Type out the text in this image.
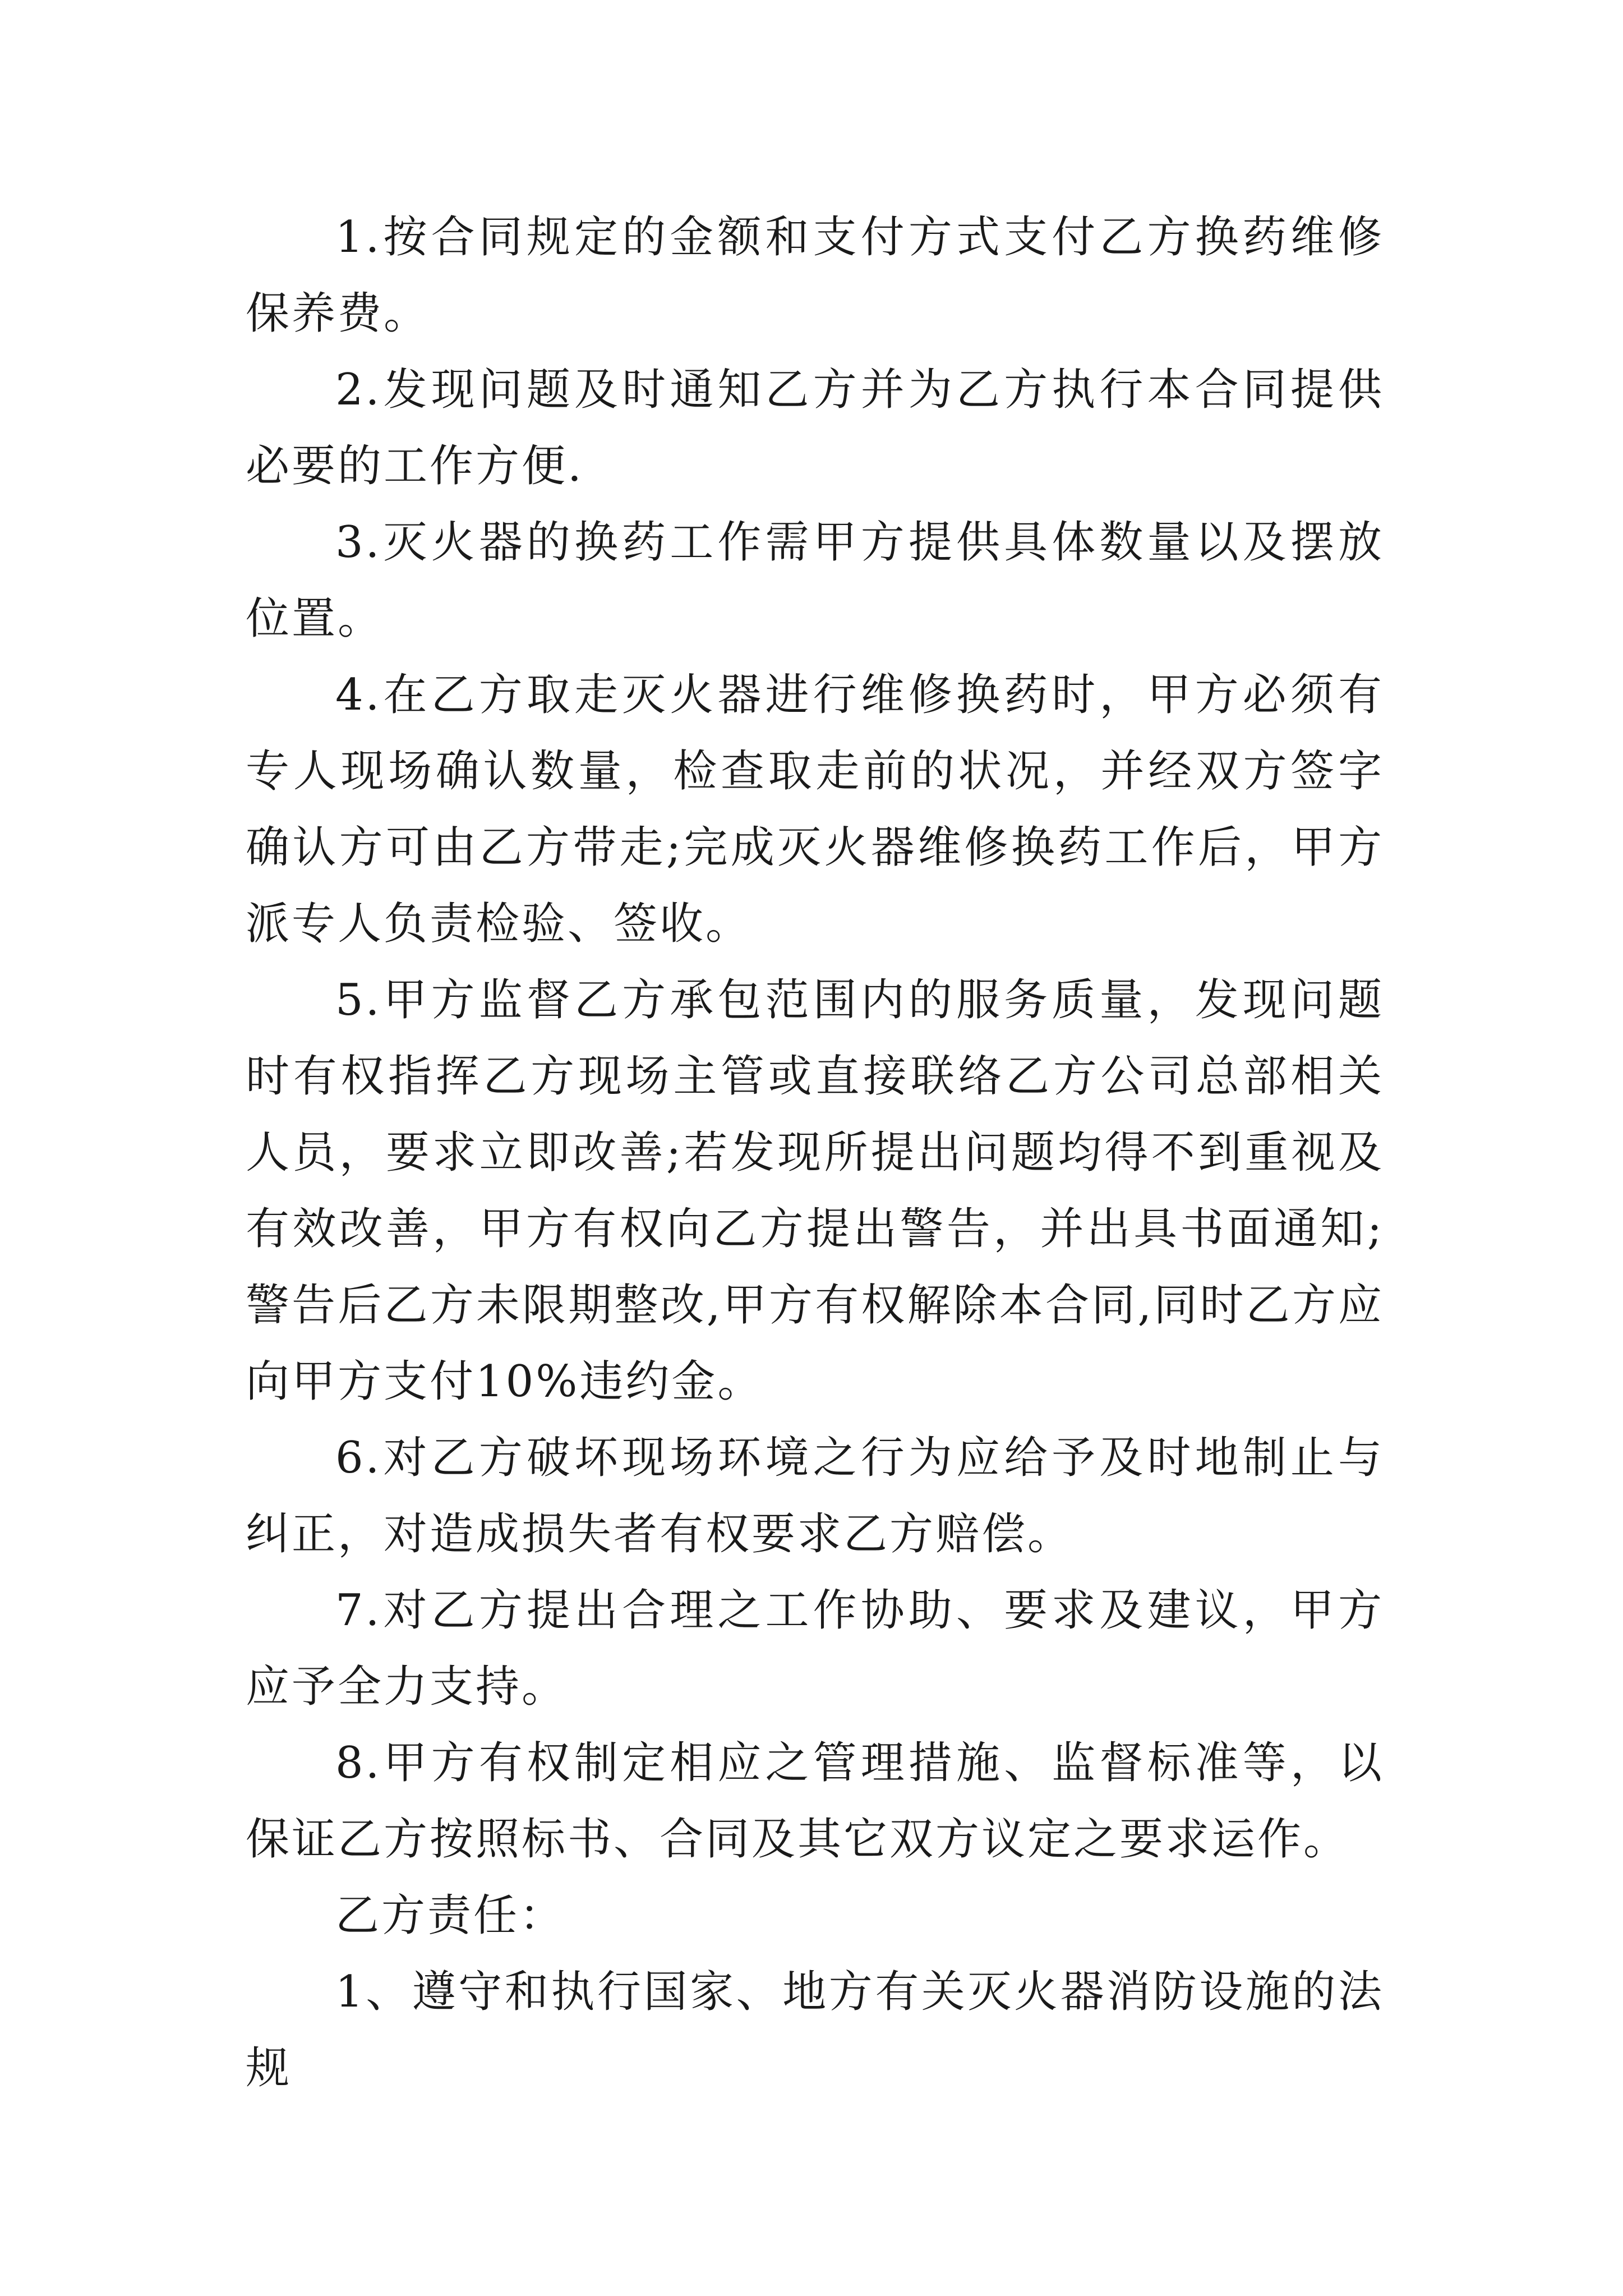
1.按合同规定的金额和支付方式支付乙方换药维修保养费。

2.发现问题及时通知乙方并为乙方执行本合同提供必要的工作方便.

3.灭火器的换药工作需甲方提供具体数量以及摆放位置。

4.在乙方取走灭火器进行维修换药时，甲方必须有专人现场确认数量，检查取走前的状况，并经双方签字确认方可由乙方带走;完成灭火器维修换药工作后，甲方派专人负责检验、签收。

5.甲方监督乙方承包范围内的服务质量，发现问题时有权指挥乙方现场主管或直接联络乙方公司总部相关人员，要求立即改善;若发现所提出问题均得不到重视及有效改善，甲方有权向乙方提出警告，并出具书面通知;警告后乙方未限期整改,甲方有权解除本合同,同时乙方应向甲方支付10%违约金。

6.对乙方破坏现场环境之行为应给予及时地制止与纠正，对造成损失者有权要求乙方赔偿。

7.对乙方提出合理之工作协助、要求及建议，甲方应予全力支持。

8.甲方有权制定相应之管理措施、监督标准等，以保证乙方按照标书、合同及其它双方议定之要求运作。

乙方责任：

1、遵守和执行国家、地方有关灭火器消防设施的法规
